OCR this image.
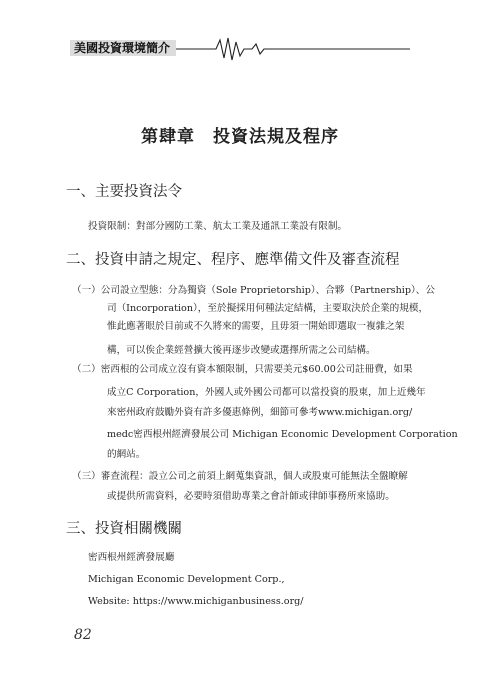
美國投資環境簡介
第肆章　投資法規及程序
一、主要投資法令
投資限制：對部分國防工業、航太工業及通訊工業設有限制。
二、投資申請之規定、程序、應準備文件及審查流程
（一）公司設立型態：分為獨資（Sole Proprietorship）、合夥（Partnership）、公
司（Incorporation），至於擬採用何種法定結構，主要取決於企業的規模，
惟此應著眼於目前或不久將來的需要，且毋須一開始即選取一複雜之架
構，可以俟企業經營擴大後再逐步改變或選擇所需之公司結構。
（二）密西根的公司成立沒有資本額限制，只需要美元$60.00公司註冊費，如果
成立C Corporation，外國人或外國公司都可以當投資的股東，加上近幾年
來密州政府鼓勵外資有許多優惠條例，細節可參考www.michigan.org/
medc密西根州經濟發展公司 Michigan Economic Development Corporation
的網站。
（三）審查流程：設立公司之前須上網蒐集資訊，個人或股東可能無法全盤瞭解
或提供所需資料，必要時須借助專業之會計師或律師事務所來協助。
三、投資相關機關
密西根州經濟發展廳
Michigan Economic Development Corp.,
Website: https://www.michiganbusiness.org/
82
